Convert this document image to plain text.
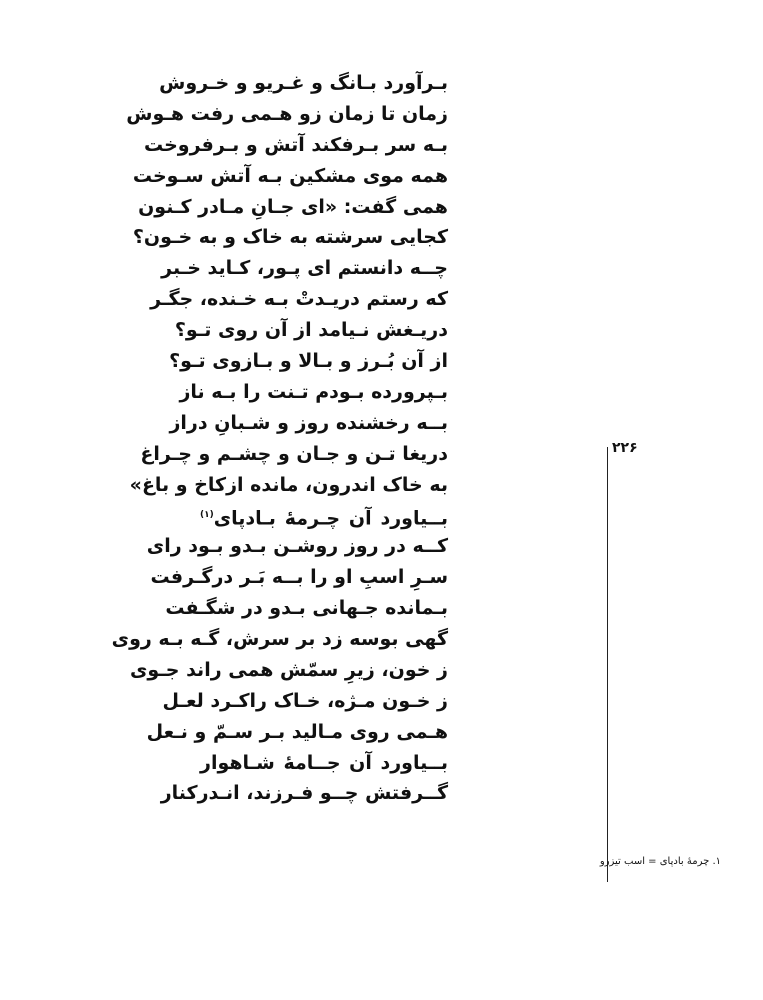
بـرآورد بـانگ و غـریو و خـروش
زمان تا زمان زو هـمی رفت هـوش
بـه سر بـرفکند آتش و بـرفروخت
همه موی مشکین بـه آتش سـوخت
همی گفت: «ای جـانِ مـادر کـنون
کجایی سرشته به خاک و به خـون؟
چــه دانستم ای پـور، کـاید خـبر
که رستم دریـدتْ بـه خـنده، جگـر
دریـغش نـیامد از آن روی تـو؟
از آن بُـرز و بـالا و بـازوی تـو؟
بـپرورده بـودم تـنت را بـه ناز
بــه رخشنده روز و شـبانِ دراز
دریغا تـن و جـان و چشـم و چـراغ
به خاک اندرون، مانده ازکاخ و باغ»
بــیاورد آن چـرمهٔ بـادپای$^{(۱)}$
کــه در روز روشـن بـدو بـود رای
سـرِ اسبِ او را بــه بَـر درگـرفت
بـمانده جـهانی بـدو در شگـفت
گهی بوسه زد بر سرش، گـه بـه روی
ز خون، زیرِ سمّش همی راند جـوی
ز خـون مـژه، خـاک راکـرد لعـل
هـمی روی مـالید بـر سـمّ و نـعل
بــیاورد آن جــامهٔ شـاهوار
گــرفتش چــو فـرزند، انـدرکنار
۲۲۶
۱. چرمهٔ بادپای = اسب تیزرو
